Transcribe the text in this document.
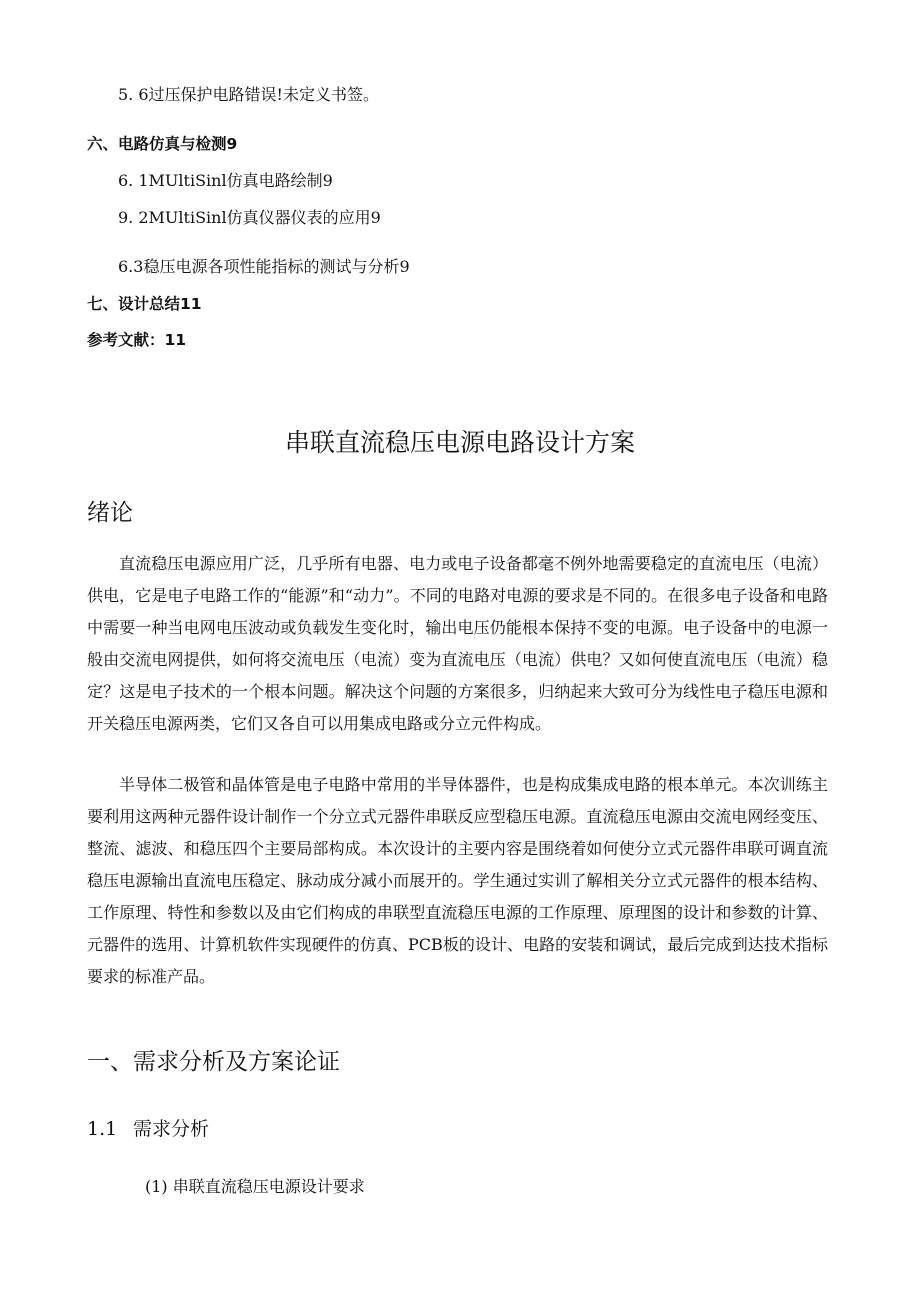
5. 6过压保护电路错误!未定义书签。
六、电路仿真与检测9
6. 1MUltiSinl仿真电路绘制9
9. 2MUltiSinl仿真仪器仪表的应用9
6.3稳压电源各项性能指标的测试与分析9
七、设计总结11
参考文献：11
串联直流稳压电源电路设计方案
绪论

直流稳压电源应用广泛，几乎所有电器、电力或电子设备都毫不例外地需要稳定的直流电压（电流）供电，它是电子电路工作的“能源”和“动力”。不同的电路对电源的要求是不同的。在很多电子设备和电路中需要一种当电网电压波动或负载发生变化时，输出电压仍能根本保持不变的电源。电子设备中的电源一般由交流电网提供，如何将交流电压（电流）变为直流电压（电流）供电？又如何使直流电压（电流）稳定？这是电子技术的一个根本问题。解决这个问题的方案很多，归纳起来大致可分为线性电子稳压电源和开关稳压电源两类，它们又各自可以用集成电路或分立元件构成。

半导体二极管和晶体管是电子电路中常用的半导体器件，也是构成集成电路的根本单元。本次训练主要利用这两种元器件设计制作一个分立式元器件串联反应型稳压电源。直流稳压电源由交流电网经变压、整流、滤波、和稳压四个主要局部构成。本次设计的主要内容是围绕着如何使分立式元器件串联可调直流稳压电源输出直流电压稳定、脉动成分减小而展开的。学生通过实训了解相关分立式元器件的根本结构、工作原理、特性和参数以及由它们构成的串联型直流稳压电源的工作原理、原理图的设计和参数的计算、元器件的选用、计算机软件实现硬件的仿真、PCB板的设计、电路的安装和调试，最后完成到达技术指标要求的标准产品。

一、需求分析及方案论证
1.1 需求分析
(1) 串联直流稳压电源设计要求
